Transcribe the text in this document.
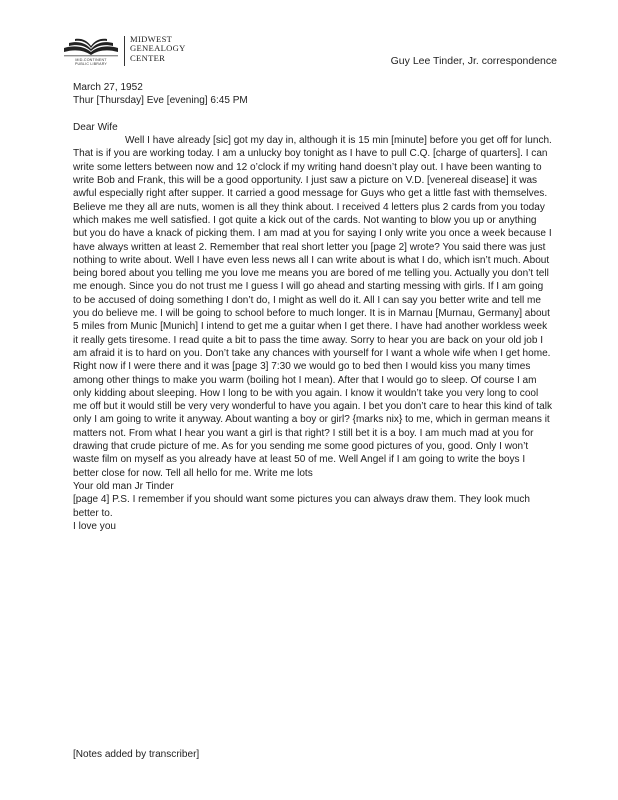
MID-CONTINENT
PUBLIC LIBRARY
MIDWEST
GENEALOGY
CENTER	Guy Lee Tinder, Jr. correspondence

March 27, 1952

Thur [Thursday] Eve [evening] 6:45 PM

Dear Wife

Well I have already [sic] got my day in, although it is 15 min [minute] before you get off for lunch. That is if you are working today. I am a unlucky boy tonight as I have to pull C.Q. [charge of quarters]. I can write some letters between now and 12 o’clock if my writing hand doesn’t play out. I have been wanting to write Bob and Frank, this will be a good opportunity. I just saw a picture on V.D. [venereal disease] it was awful especially right after supper. It carried a good message for Guys who get a little fast with themselves. Believe me they all are nuts, women is all they think about. I received 4 letters plus 2 cards from you today which makes me well satisfied. I got quite a kick out of the cards. Not wanting to blow you up or anything but you do have a knack of picking them. I am mad at you for saying I only write you once a week because I have always written at least 2. Remember that real short letter you [page 2] wrote? You said there was just nothing to write about. Well I have even less news all I can write about is what I do, which isn’t much. About being bored about you telling me you love me means you are bored of me telling you. Actually you don’t tell me enough. Since you do not trust me I guess I will go ahead and starting messing with girls. If I am going to be accused of doing something I don’t do, I might as well do it. All I can say you better write and tell me you do believe me. I will be going to school before to much longer. It is in Marnau [Murnau, Germany] about 5 miles from Munic [Munich] I intend to get me a guitar when I get there. I have had another workless week it really gets tiresome. I read quite a bit to pass the time away. Sorry to hear you are back on your old job I am afraid it is to hard on you. Don’t take any chances with yourself for I want a whole wife when I get home. Right now if I were there and it was [page 3] 7:30 we would go to bed then I would kiss you many times among other things to make you warm (boiling hot I mean). After that I would go to sleep. Of course I am only kidding about sleeping. How I long to be with you again. I know it wouldn’t take you very long to cool me off but it would still be very very wonderful to have you again. I bet you don’t care to hear this kind of talk only I am going to write it anyway. About wanting a boy or girl? {marks nix} to me, which in german means it matters not. From what I hear you want a girl is that right? I still bet it is a boy. I am much mad at you for drawing that crude picture of me. As for you sending me some good pictures of you, good. Only I won’t waste film on myself as you already have at least 50 of me. Well Angel if I am going to write the boys I better close for now. Tell all hello for me. Write me lots

Your old man Jr Tinder

[page 4] P.S. I remember if you should want some pictures you can always draw them. They look much better to.

I love you

[Notes added by transcriber]
